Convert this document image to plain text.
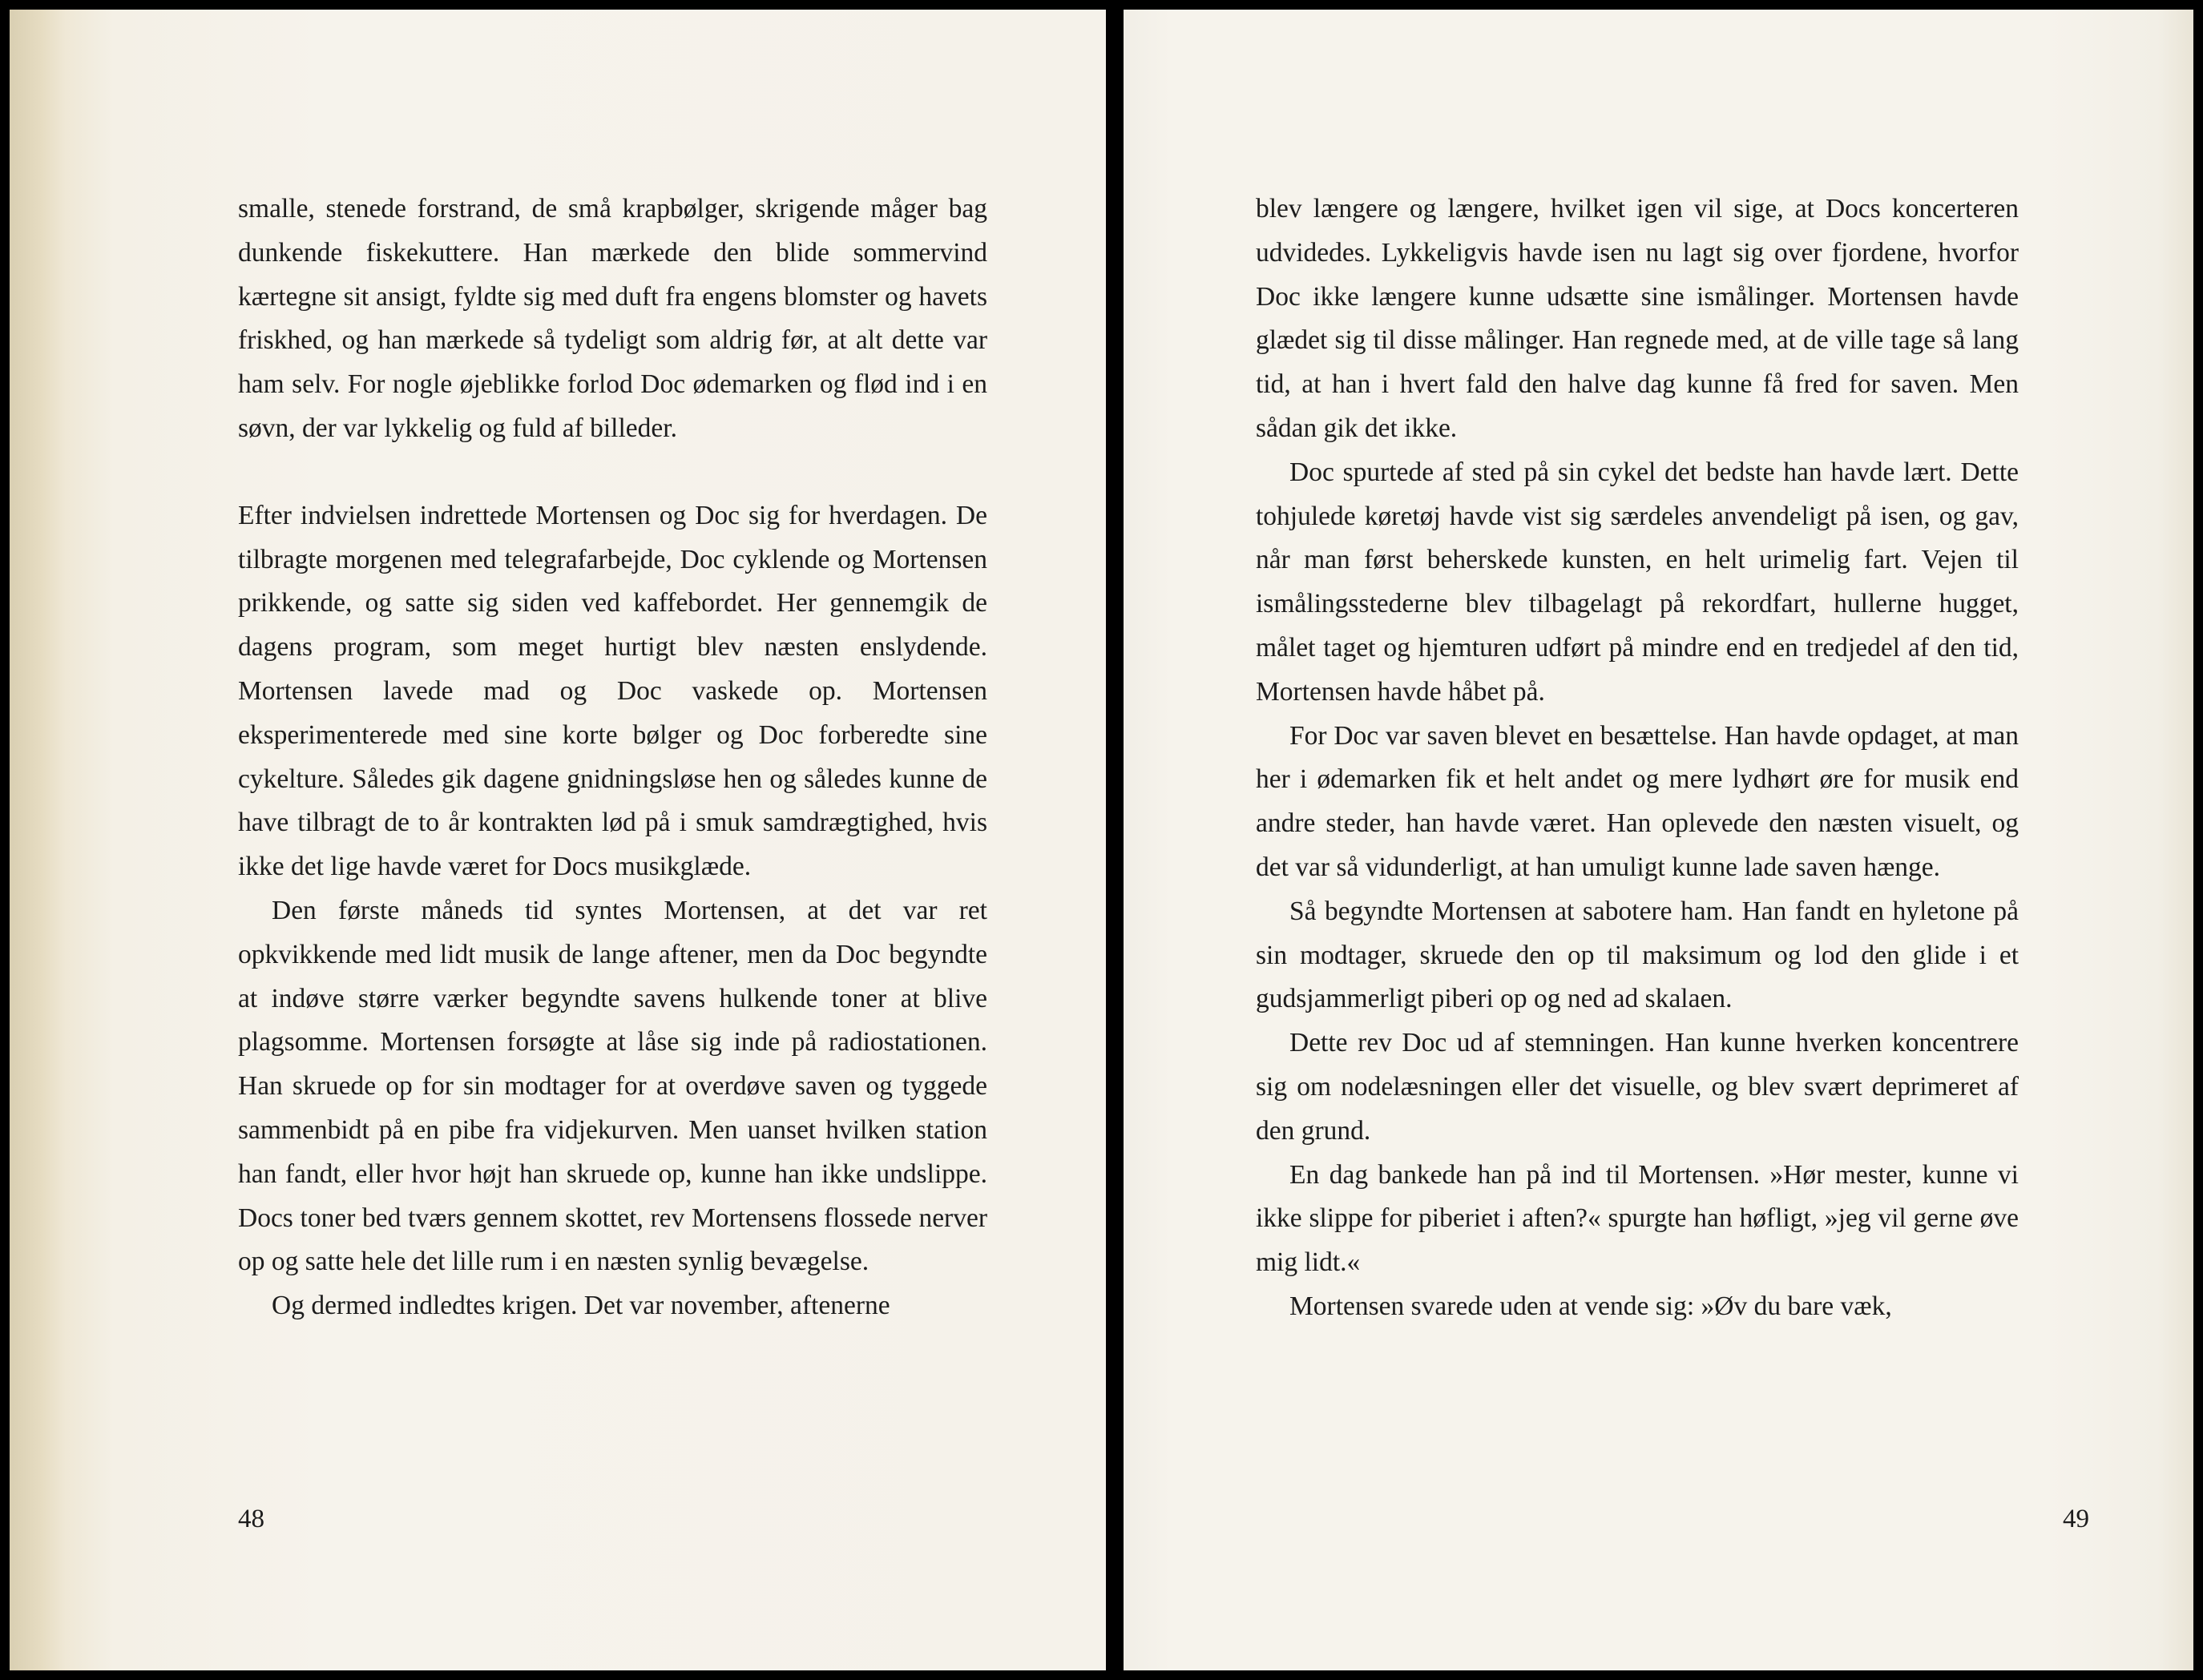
smalle, stenede forstrand, de små krapbølger, skrigende måger bag dunkende fiskekuttere. Han mærkede den blide sommervind kærtegne sit ansigt, fyldte sig med duft fra engens blomster og havets friskhed, og han mærkede så tydeligt som aldrig før, at alt dette var ham selv. For nogle øjeblikke forlod Doc ødemarken og flød ind i en søvn, der var lykkelig og fuld af billeder.

Efter indvielsen indrettede Mortensen og Doc sig for hverdagen. De tilbragte morgenen med telegrafarbejde, Doc cyklende og Mortensen prikkende, og satte sig siden ved kaffebordet. Her gennemgik de dagens program, som meget hurtigt blev næsten enslydende. Mortensen lavede mad og Doc vaskede op. Mortensen eksperimenterede med sine korte bølger og Doc forberedte sine cykelture. Således gik dagene gnidningsløse hen og således kunne de have tilbragt de to år kontrakten lød på i smuk samdrægtighed, hvis ikke det lige havde været for Docs musikglæde.

Den første måneds tid syntes Mortensen, at det var ret opkvikkende med lidt musik de lange aftener, men da Doc begyndte at indøve større værker begyndte savens hulkende toner at blive plagsomme. Mortensen forsøgte at låse sig inde på radiostationen. Han skruede op for sin modtager for at overdøve saven og tyggede sammenbidt på en pibe fra vidjekurven. Men uanset hvilken station han fandt, eller hvor højt han skruede op, kunne han ikke undslippe. Docs toner bed tværs gennem skottet, rev Mortensens flossede nerver op og satte hele det lille rum i en næsten synlig bevægelse.

Og dermed indledtes krigen. Det var november, aftenerne

48

blev længere og længere, hvilket igen vil sige, at Docs koncerteren udvidedes. Lykkeligvis havde isen nu lagt sig over fjordene, hvorfor Doc ikke længere kunne udsætte sine ismålinger. Mortensen havde glædet sig til disse målinger. Han regnede med, at de ville tage så lang tid, at han i hvert fald den halve dag kunne få fred for saven. Men sådan gik det ikke.

Doc spurtede af sted på sin cykel det bedste han havde lært. Dette tohjulede køretøj havde vist sig særdeles anvendeligt på isen, og gav, når man først beherskede kunsten, en helt urimelig fart. Vejen til ismålingsstederne blev tilbagelagt på rekordfart, hullerne hugget, målet taget og hjemturen udført på mindre end en tredjedel af den tid, Mortensen havde håbet på.

For Doc var saven blevet en besættelse. Han havde opdaget, at man her i ødemarken fik et helt andet og mere lydhørt øre for musik end andre steder, han havde været. Han oplevede den næsten visuelt, og det var så vidunderligt, at han umuligt kunne lade saven hænge.

Så begyndte Mortensen at sabotere ham. Han fandt en hyletone på sin modtager, skruede den op til maksimum og lod den glide i et gudsjammerligt piberi op og ned ad skalaen.

Dette rev Doc ud af stemningen. Han kunne hverken koncentrere sig om nodelæsningen eller det visuelle, og blev svært deprimeret af den grund.

En dag bankede han på ind til Mortensen. »Hør mester, kunne vi ikke slippe for piberiet i aften?« spurgte han høfligt, »jeg vil gerne øve mig lidt.«

Mortensen svarede uden at vende sig: »Øv du bare væk,

49
